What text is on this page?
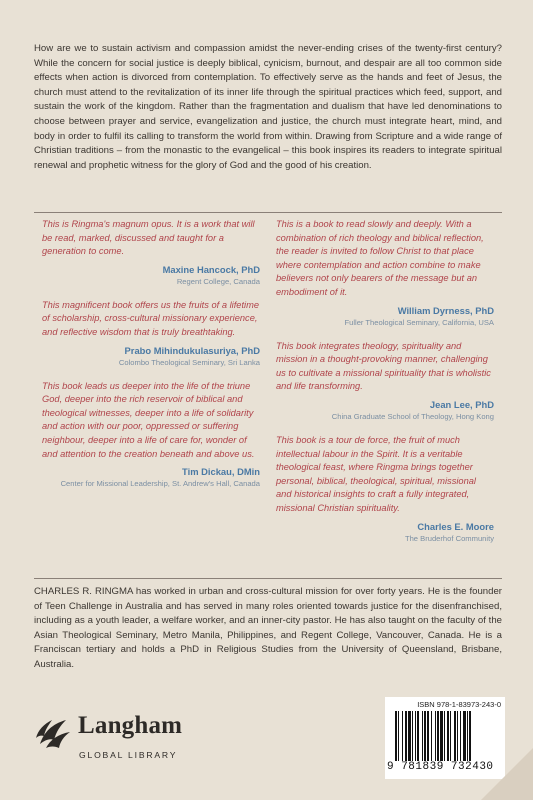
How are we to sustain activism and compassion amidst the never-ending crises of the twenty-first century? While the concern for social justice is deeply biblical, cynicism, burnout, and despair are all too common side effects when action is divorced from contemplation. To effectively serve as the hands and feet of Jesus, the church must attend to the revitalization of its inner life through the spiritual practices which feed, support, and sustain the work of the kingdom. Rather than the fragmentation and dualism that have led denominations to choose between prayer and service, evangelization and justice, the church must integrate heart, mind, and body in order to fulfil its calling to transform the world from within. Drawing from Scripture and a wide range of Christian traditions – from the monastic to the evangelical – this book inspires its readers to integrate spiritual renewal and prophetic witness for the glory of God and the good of his creation.

This is Ringma's magnum opus. It is a work that will be read, marked, discussed and taught for a generation to come.

Maxine Hancock, PhD
Regent College, Canada

This magnificent book offers us the fruits of a lifetime of scholarship, cross-cultural missionary experience, and reflective wisdom that is truly breathtaking.

Prabo Mihindukulasuriya, PhD
Colombo Theological Seminary, Sri Lanka

This book leads us deeper into the life of the triune God, deeper into the rich reservoir of biblical and theological witnesses, deeper into a life of solidarity and action with our poor, oppressed or suffering neighbour, deeper into a life of care for, wonder of and attention to the creation beneath and above us.

Tim Dickau, DMin
Center for Missional Leadership, St. Andrew's Hall, Canada

This is a book to read slowly and deeply. With a combination of rich theology and biblical reflection, the reader is invited to follow Christ to that place where contemplation and action combine to make believers not only bearers of the message but an embodiment of it.

William Dyrness, PhD
Fuller Theological Seminary, California, USA

This book integrates theology, spirituality and mission in a thought-provoking manner, challenging us to cultivate a missional spirituality that is wholistic and life transforming.

Jean Lee, PhD
China Graduate School of Theology, Hong Kong

This book is a tour de force, the fruit of much intellectual labour in the Spirit. It is a veritable theological feast, where Ringma brings together personal, biblical, theological, spiritual, missional and historical insights to craft a fully integrated, missional Christian spirituality.

Charles E. Moore
The Bruderhof Community
CHARLES R. RINGMA has worked in urban and cross-cultural mission for over forty years. He is the founder of Teen Challenge in Australia and has served in many roles oriented towards justice for the disenfranchised, including as a youth leader, a welfare worker, and an inner-city pastor. He has also taught on the faculty of the Asian Theological Seminary, Metro Manila, Philippines, and Regent College, Vancouver, Canada. He is a Franciscan tertiary and holds a PhD in Religious Studies from the University of Queensland, Brisbane, Australia.
Langham
GLOBAL LIBRARY
ISBN 978-1-83973-243-0
9 781839 732430
